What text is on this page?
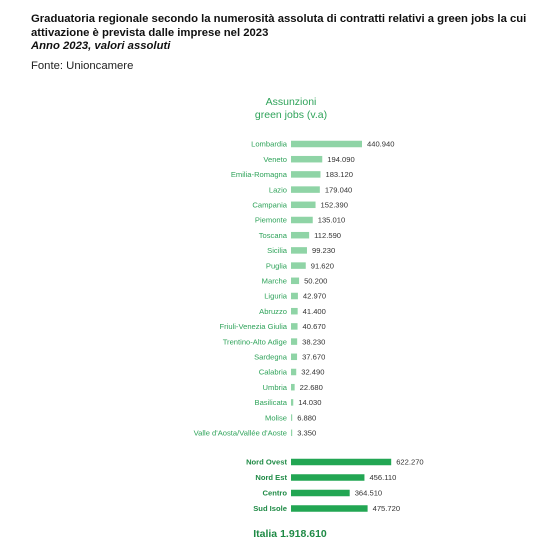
Graduatoria regionale secondo la numerosità assoluta di contratti relativi a green jobs la cui attivazione è prevista dalle imprese nel 2023

Anno 2023, valori assoluti

Fonte: Unioncamere
Assunzioni
green jobs (v.a)
Lombardia	440.940
Veneto	194.090
Emilia-Romagna	183.120
Lazio	179.040
Campania	152.390
Piemonte	135.010
Toscana	112.590
Sicilia	99.230
Puglia	91.620
Marche 50.200
Liguria 42.970
Abruzzo 41.400
Friuli-Venezia Giulia 40.670
Trentino-Alto Adige 38.230
Sardegna 37.670
Calabria 32.490
Umbria 22.680
Basilicata 14.030
Molise 6.880
Valle d'Aosta/Vallée d'Aoste 3.350
Nord Ovest	622.270
Nord Est	456.110
Centro	364.510
Sud Isole	475.720
Italia 1.918.610
